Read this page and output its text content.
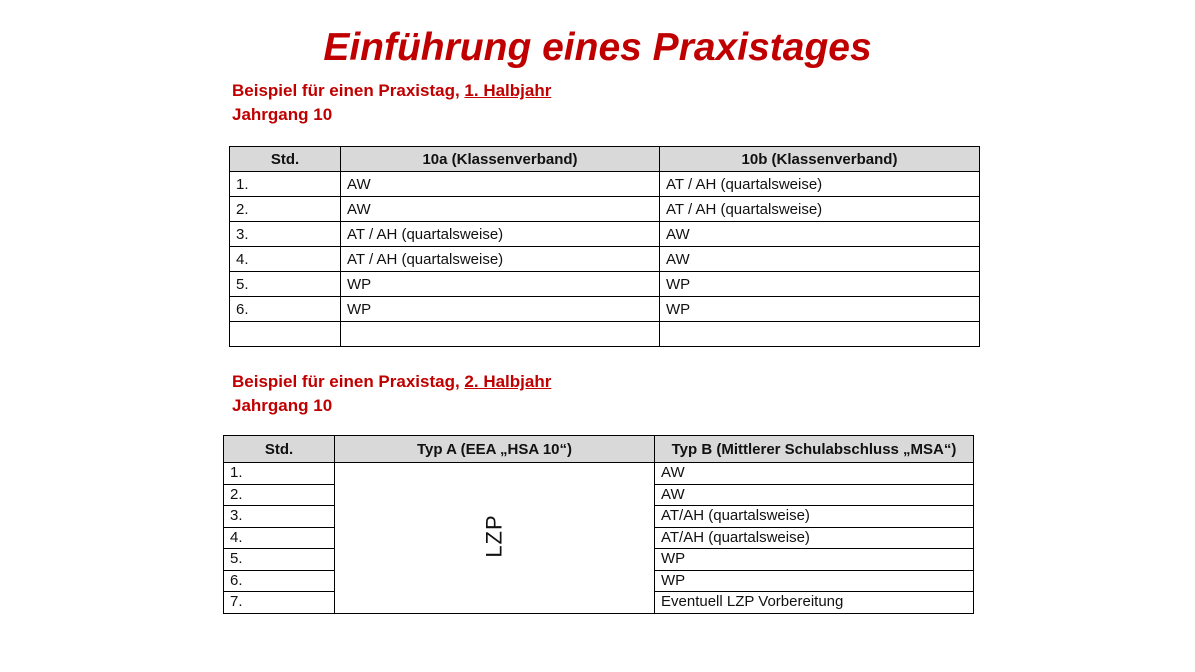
Einführung eines Praxistages
Beispiel für einen Praxistag, 1. Halbjahr
Jahrgang 10
Std.	10a (Klassenverband)	10b (Klassenverband)
1.	AW	AT / AH (quartalsweise)
2.	AW	AT / AH (quartalsweise)
3.	AT / AH (quartalsweise)	AW
4.	AT / AH (quartalsweise)	AW
5.	WP	WP
6.	WP	WP

Beispiel für einen Praxistag, 2. Halbjahr
Jahrgang 10
Std.	Typ A (EEA „HSA 10“)	Typ B (Mittlerer Schulabschluss „MSA“)
1.	LZP	AW
2.		AW
3.		AT/AH (quartalsweise)
4.		AT/AH (quartalsweise)
5.		WP
6.		WP
7.		Eventuell LZP Vorbereitung
